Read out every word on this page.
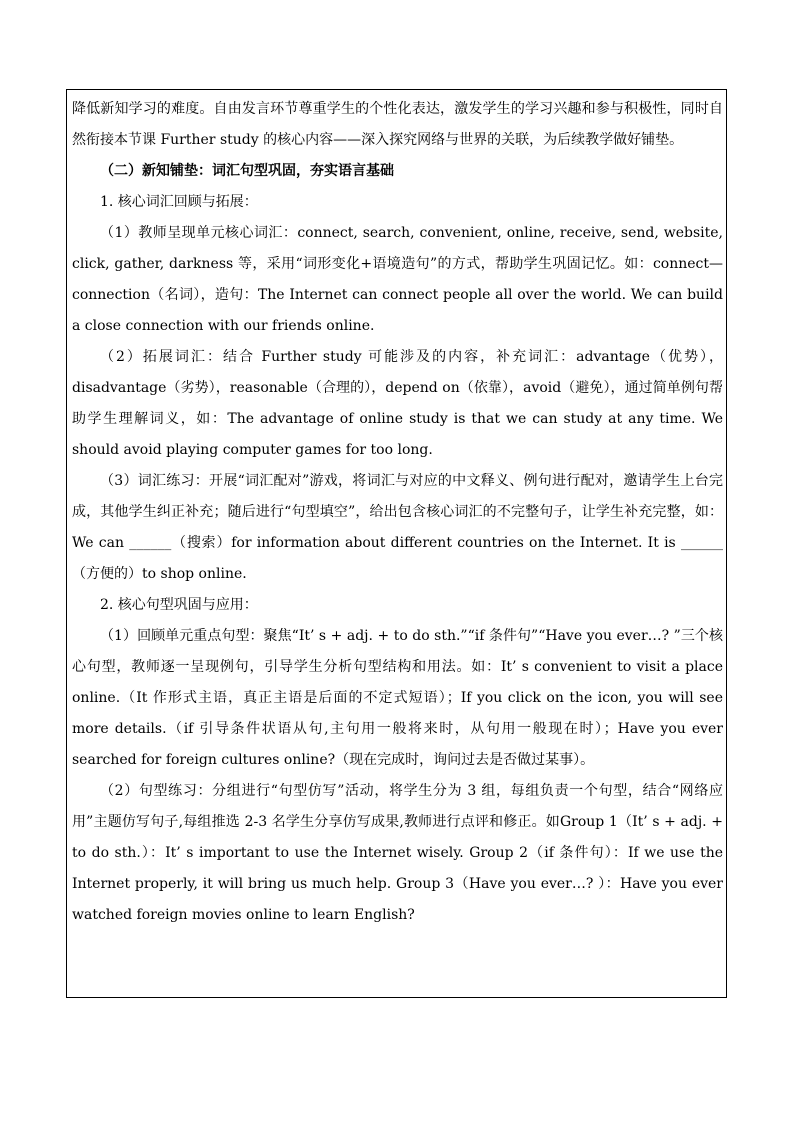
降低新知学习的难度。自由发言环节尊重学生的个性化表达，激发学生的学习兴趣和参与积极性，同时自然衔接本节课 Further study 的核心内容——深入探究网络与世界的关联，为后续教学做好铺垫。

（二）新知铺垫：词汇句型巩固，夯实语言基础

1. 核心词汇回顾与拓展：

（1）教师呈现单元核心词汇：connect, search, convenient, online, receive, send, website, click, gather, darkness 等，采用“词形变化+语境造句”的方式，帮助学生巩固记忆。如：connect—connection（名词），造句：The Internet can connect people all over the world. We can build a close connection with our friends online.

（2）拓展词汇：结合 Further study 可能涉及的内容，补充词汇：advantage（优势），disadvantage（劣势），reasonable（合理的），depend on（依靠），avoid（避免），通过简单例句帮助学生理解词义，如：The advantage of online study is that we can study at any time. We should avoid playing computer games for too long.

（3）词汇练习：开展“词汇配对”游戏，将词汇与对应的中文释义、例句进行配对，邀请学生上台完成，其他学生纠正补充；随后进行“句型填空”，给出包含核心词汇的不完整句子，让学生补充完整，如：We can ______（搜索）for information about different countries on the Internet. It is ______（方便的）to shop online.

2. 核心句型巩固与应用：

（1）回顾单元重点句型：聚焦“It’ s + adj. + to do sth.”“if 条件句”“Have you ever…? ”三个核心句型，教师逐一呈现例句，引导学生分析句型结构和用法。如：It’ s convenient to visit a place online.（It 作形式主语，真正主语是后面的不定式短语）；If you click on the icon, you will see more details.（if 引导条件状语从句,主句用一般将来时，从句用一般现在时）；Have you ever searched for foreign cultures online?（现在完成时，询问过去是否做过某事）。

（2）句型练习：分组进行“句型仿写”活动，将学生分为 3 组，每组负责一个句型，结合“网络应用”主题仿写句子,每组推选 2-3 名学生分享仿写成果,教师进行点评和修正。如Group 1（It’ s + adj. + to do sth.）：It’ s important to use the Internet wisely. Group 2（if 条件句）：If we use the Internet properly, it will bring us much help. Group 3（Have you ever…? ）：Have you ever watched foreign movies online to learn English?
